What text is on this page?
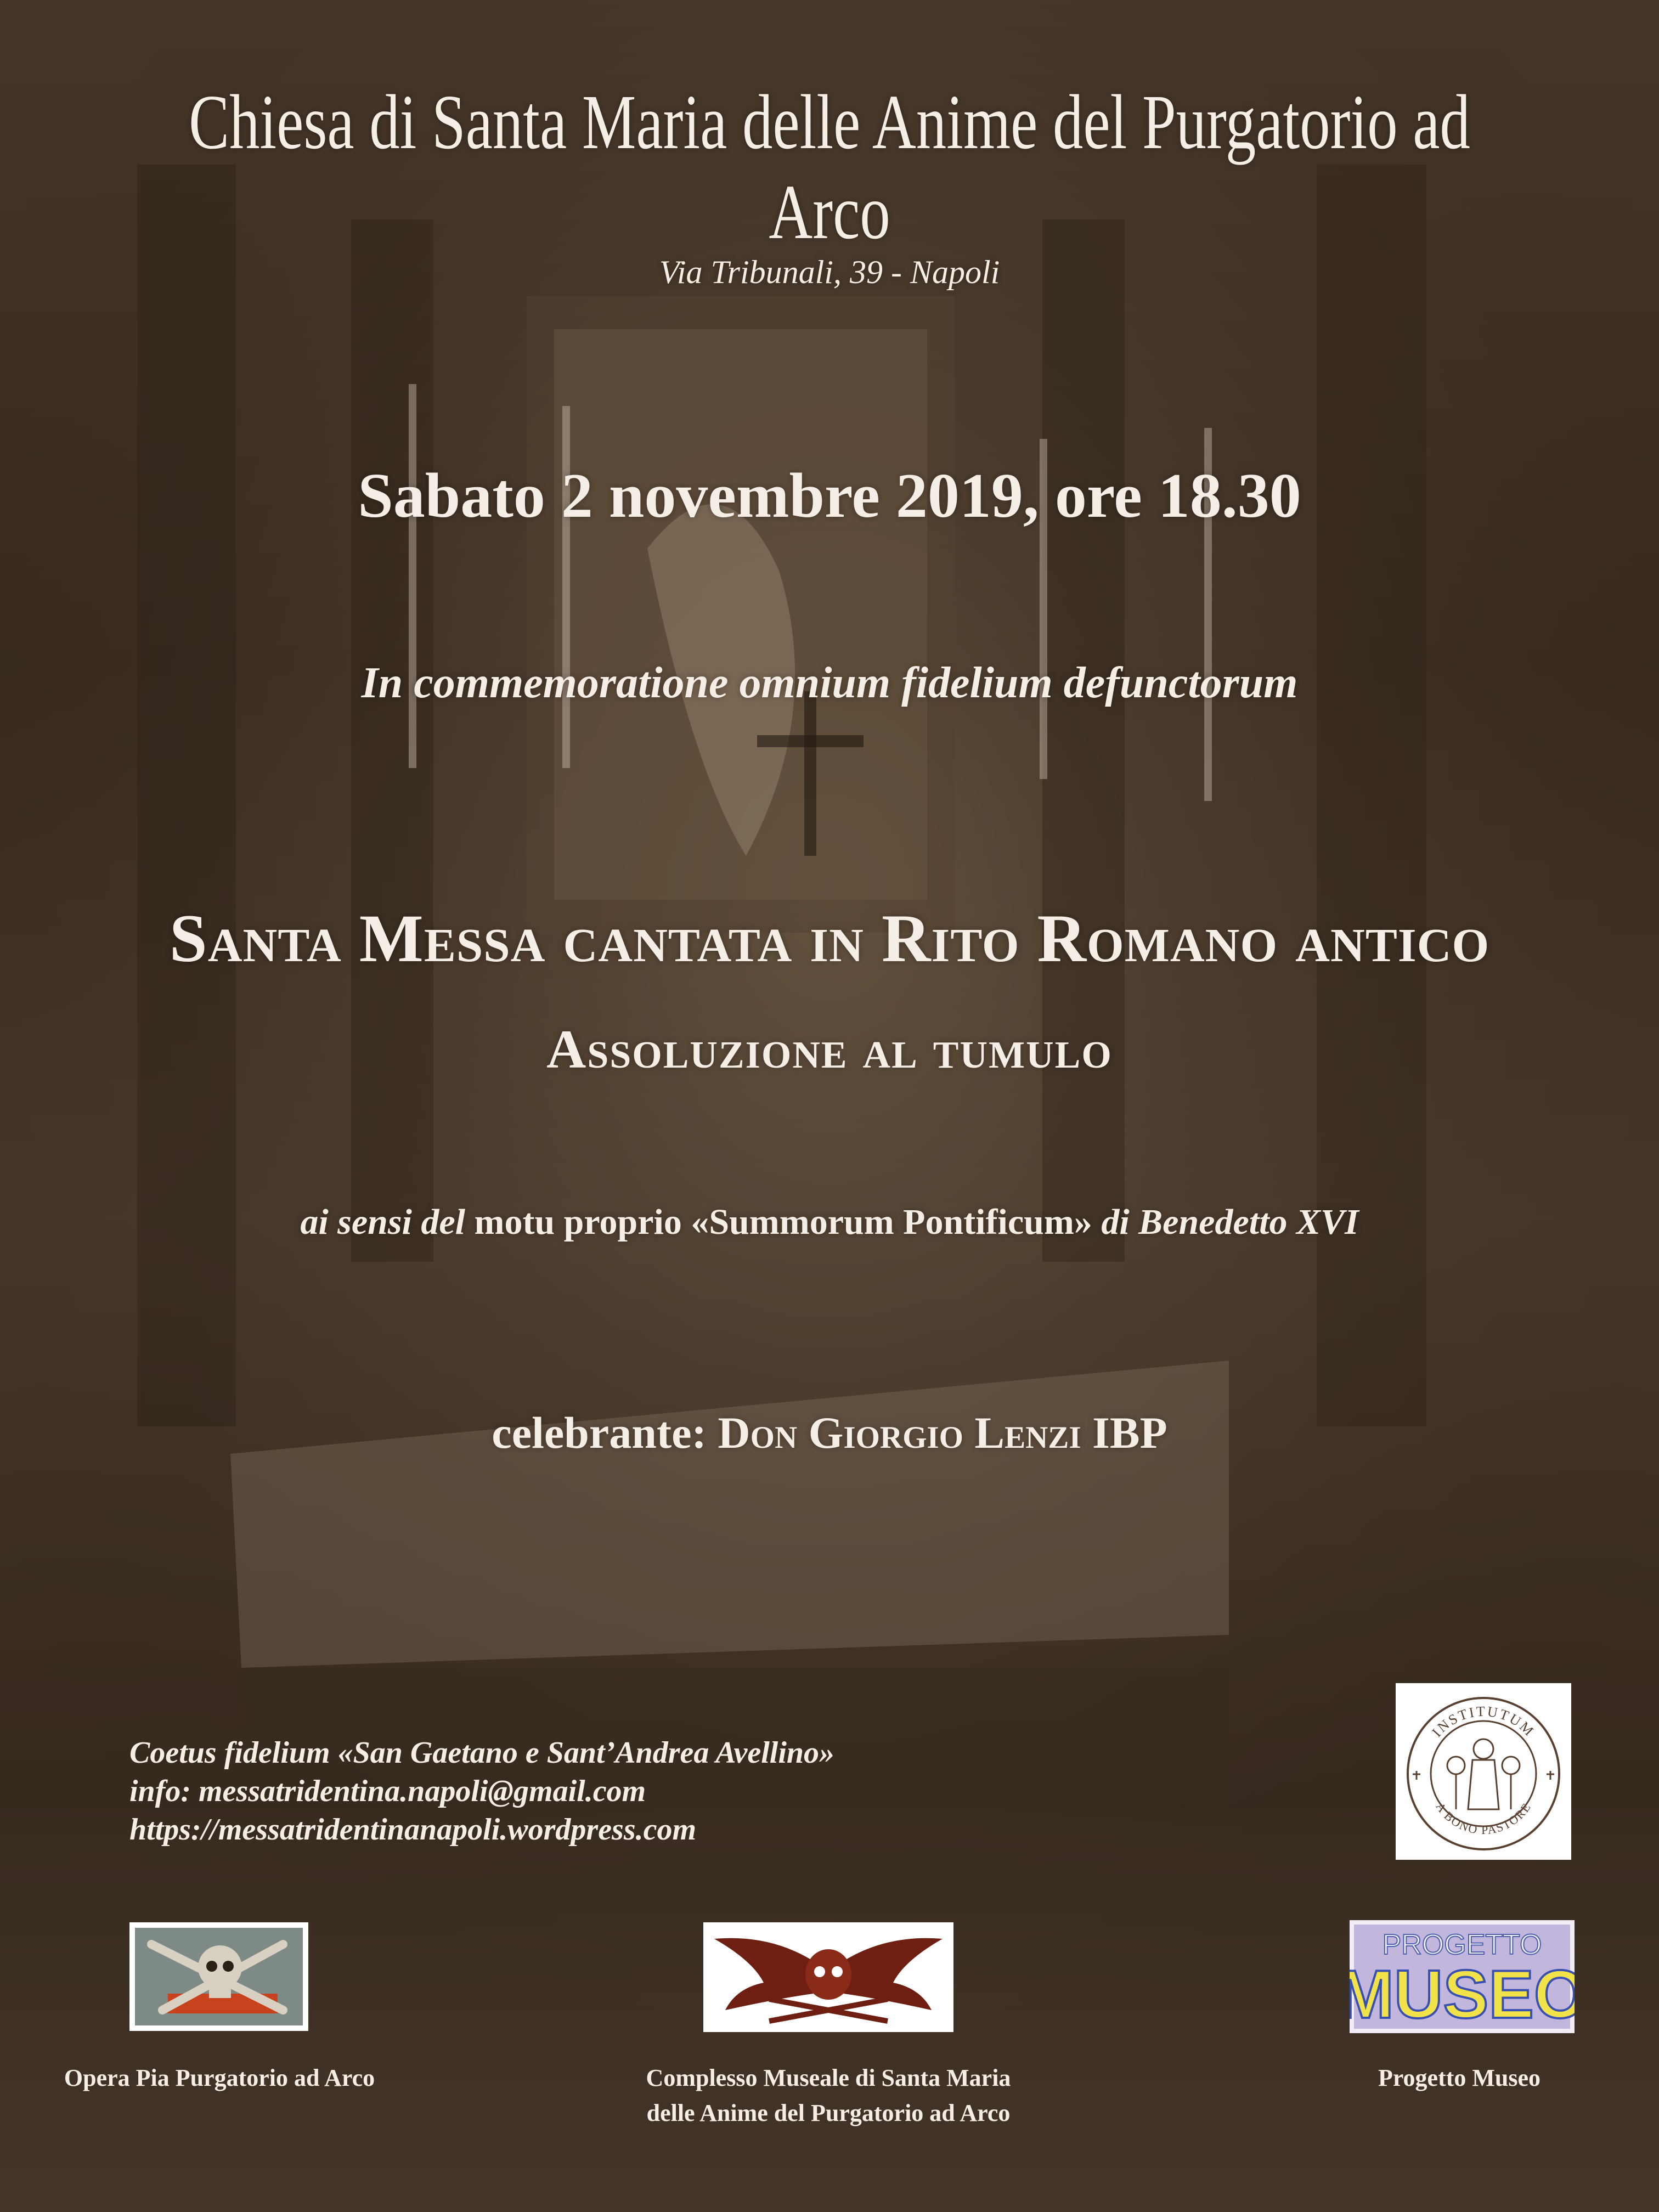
Chiesa di Santa Maria delle Anime del Purgatorio ad Arco
Via Tribunali, 39 - Napoli
Sabato 2 novembre 2019, ore 18.30
In commemoratione omnium fidelium defunctorum
Santa Messa cantata in Rito Romano antico
Assoluzione al tumulo
ai sensi del motu proprio «Summorum Pontificum» di Benedetto XVI
celebrante: Don Giorgio Lenzi IBP
Coetus fidelium «San Gaetano e Sant’Andrea Avellino»
info: messatridentina.napoli@gmail.com
https://messatridentinanapoli.wordpress.com
INSTITUTUM
A BONO PASTORE
PROGETTO
MUSEO
Opera Pia Purgatorio ad Arco	Complesso Museale di Santa Maria
delle Anime del Purgatorio ad Arco
Progetto Museo
